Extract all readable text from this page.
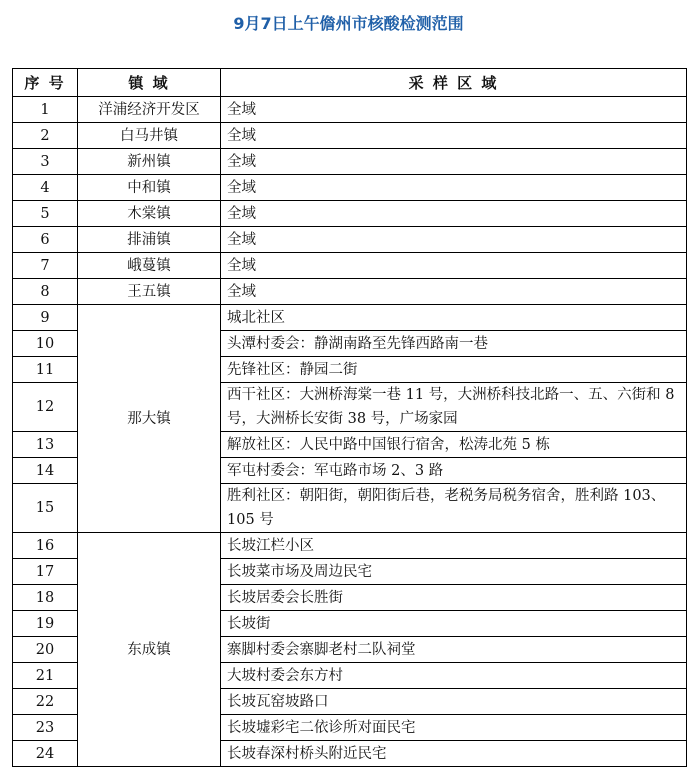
9月7日上午儋州市核酸检测范围
序 号	镇 域	采 样 区 域
1	洋浦经济开发区	全域
2	白马井镇	全域
3	新州镇	全域
4	中和镇	全域
5	木棠镇	全域
6	排浦镇	全域
7	峨蔓镇	全域
8	王五镇	全域
9	那大镇	城北社区
10		头潭村委会：静湖南路至先锋西路南一巷
11		先锋社区：静园二街
12		西干社区：大洲桥海棠一巷 11 号，大洲桥科技北路一、五、六街和 8 号，大洲桥长安街 38 号，广场家园
13		解放社区：人民中路中国银行宿舍，松涛北苑 5 栋
14		军屯村委会：军屯路市场 2、3 路
15		胜利社区：朝阳街，朝阳街后巷，老税务局税务宿舍，胜利路 103、105 号
16	东成镇	长坡江栏小区
17		长坡菜市场及周边民宅
18		长坡居委会长胜街
19		长坡街
20		寨脚村委会寨脚老村二队祠堂
21		大坡村委会东方村
22		长坡瓦窑坡路口
23		长坡墟彩宅二依诊所对面民宅
24		长坡春深村桥头附近民宅
